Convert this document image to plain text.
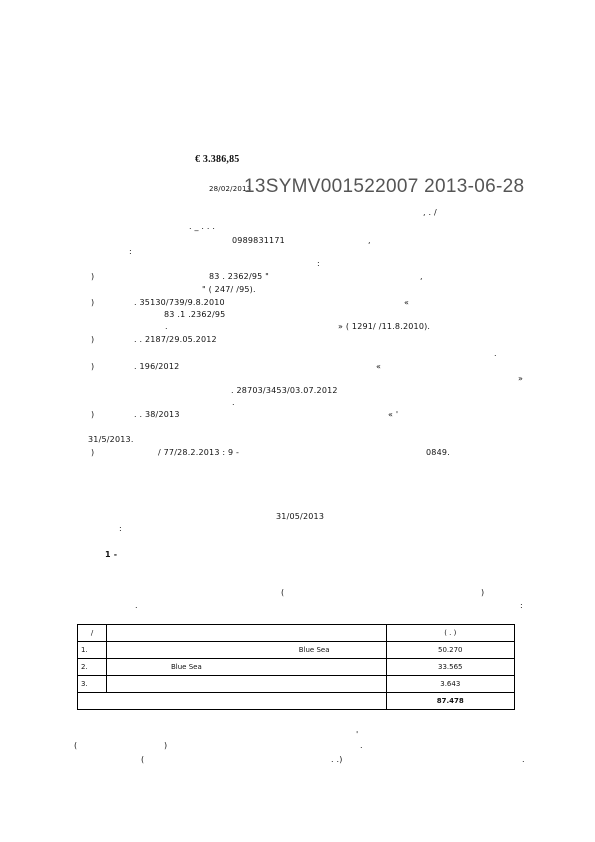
€ 3.386,85
28/02/2013
13SYMV001522007 2013-06-28
, . /
. _ . . .
0989831171	,
:
:
)	83 . 2362/95 "	,
" ( 247/ /95).
)	. 35130/739/9.8.2010	«
83 .1 .2362/95
.	» ( 1291/ /11.8.2010).
)	. . 2187/29.05.2012
.
)	. 196/2012	«
»
. 28703/3453/03.07.2012
.
)	. . 38/2013	« '
31/5/2013.
)	/ 77/28.2.2013 : 9 -	0849.
31/05/2013
:
1 -
(	)
.	:
/		( . )
1.	Blue Sea	50.270
2.	Blue Sea	33.565
3.		3.643
		87.478
'
(	)	.
(	. .)	.
